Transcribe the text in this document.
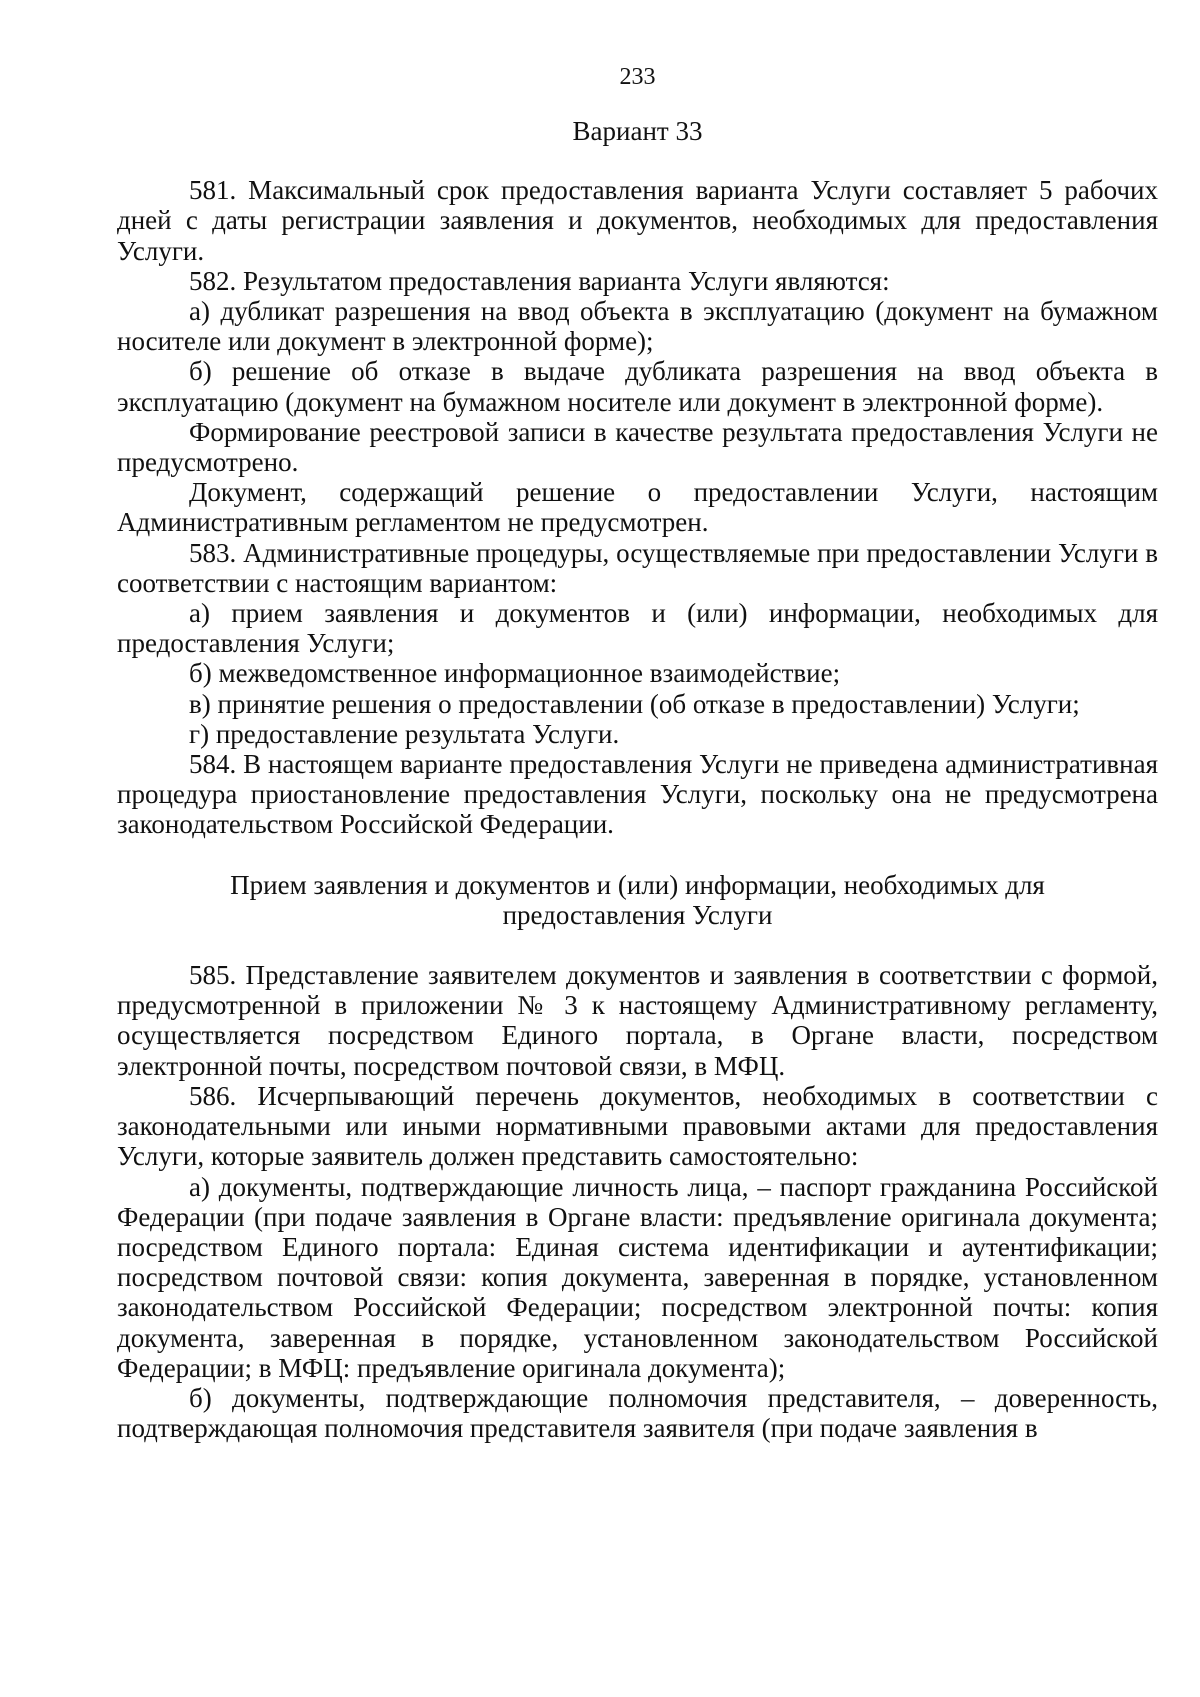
233
Вариант 33

581. Максимальный срок предоставления варианта Услуги составляет 5 рабочих дней с даты регистрации заявления и документов, необходимых для предоставления Услуги.

582. Результатом предоставления варианта Услуги являются:

а) дубликат разрешения на ввод объекта в эксплуатацию (документ на бумажном носителе или документ в электронной форме);

б) решение об отказе в выдаче дубликата разрешения на ввод объекта в эксплуатацию (документ на бумажном носителе или документ в электронной форме).

Формирование реестровой записи в качестве результата предоставления Услуги не предусмотрено.

Документ, содержащий решение о предоставлении Услуги, настоящим Административным регламентом не предусмотрен.

583. Административные процедуры, осуществляемые при предоставлении Услуги в соответствии с настоящим вариантом:

а) прием заявления и документов и (или) информации, необходимых для предоставления Услуги;

б) межведомственное информационное взаимодействие;

в) принятие решения о предоставлении (об отказе в предоставлении) Услуги;

г) предоставление результата Услуги.

584. В настоящем варианте предоставления Услуги не приведена административная процедура приостановление предоставления Услуги, поскольку она не предусмотрена законодательством Российской Федерации.

Прием заявления и документов и (или) информации, необходимых для предоставления Услуги

585. Представление заявителем документов и заявления в соответствии с формой, предусмотренной в приложении № 3 к настоящему Административному регламенту, осуществляется посредством Единого портала, в Органе власти, посредством электронной почты, посредством почтовой связи, в МФЦ.

586. Исчерпывающий перечень документов, необходимых в соответствии с законодательными или иными нормативными правовыми актами для предоставления Услуги, которые заявитель должен представить самостоятельно:

а) документы, подтверждающие личность лица, – паспорт гражданина Российской Федерации (при подаче заявления в Органе власти: предъявление оригинала документа; посредством Единого портала: Единая система идентификации и аутентификации; посредством почтовой связи: копия документа, заверенная в порядке, установленном законодательством Российской Федерации; посредством электронной почты: копия документа, заверенная в порядке, установленном законодательством Российской Федерации; в МФЦ: предъявление оригинала документа);

б) документы, подтверждающие полномочия представителя, – доверенность, подтверждающая полномочия представителя заявителя (при подаче заявления в
